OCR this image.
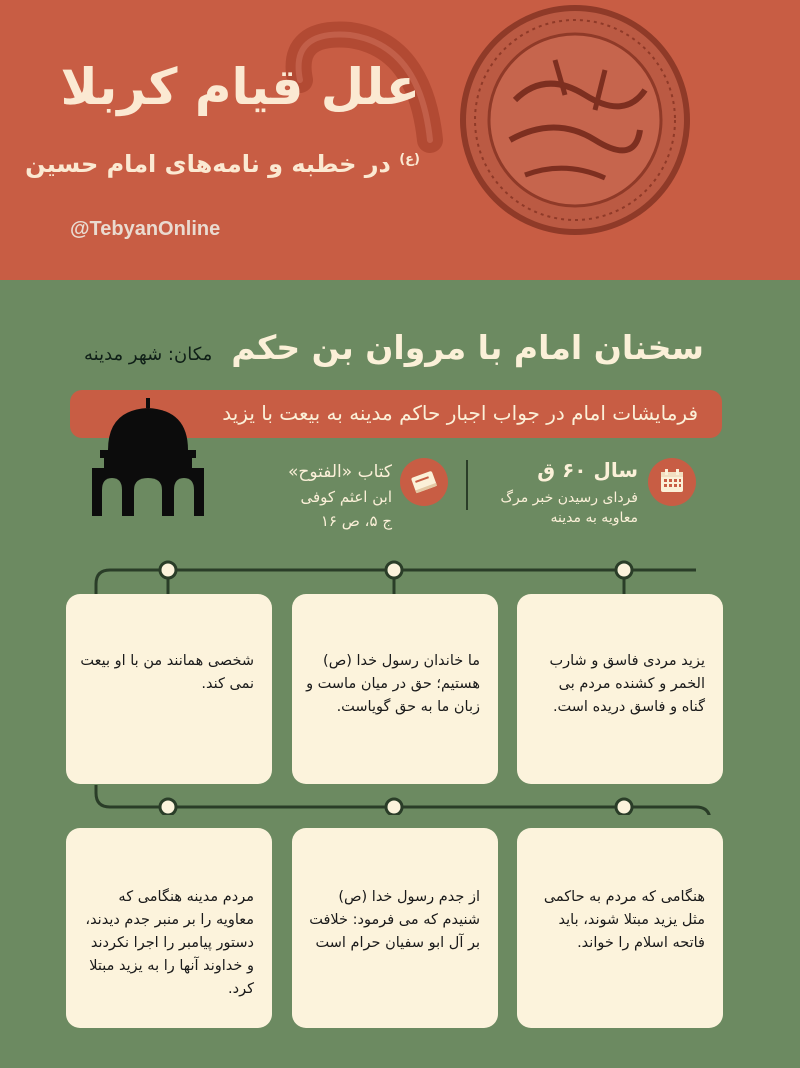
علل قیام کربلا
$^{(ع)}$ در خطبه و نامه‌های امام حسین
@TebyanOnline
سخنان امام با مروان بن حکم
مکان: شهر مدینه
فرمایشات امام در جواب اجبار حاکم مدینه به بیعت با یزید
سال ۶۰ ق
فردای رسیدن خبر مرگ معاویه به مدینه
کتاب «الفتوح»
ابن اعثم کوفی
ج ۵، ص ۱۶
یزید مردی فاسق و شارب الخمر و کشنده مردم بی گناه و فاسق دریده است.
ما خاندان رسول خدا (ص) هستیم؛ حق در میان ماست و زبان ما به حق گویاست.
شخصی همانند من با او بیعت نمی کند.
هنگامی که مردم به حاکمی مثل یزید مبتلا شوند، باید فاتحه اسلام را خواند.
از جدم رسول خدا (ص) شنیدم که می فرمود: خلافت بر آل ابو سفیان حرام است
مردم مدینه هنگامی که معاویه را بر منبر جدم دیدند، دستور پیامبر را اجرا نکردند و خداوند آنها را به یزید مبتلا کرد.
